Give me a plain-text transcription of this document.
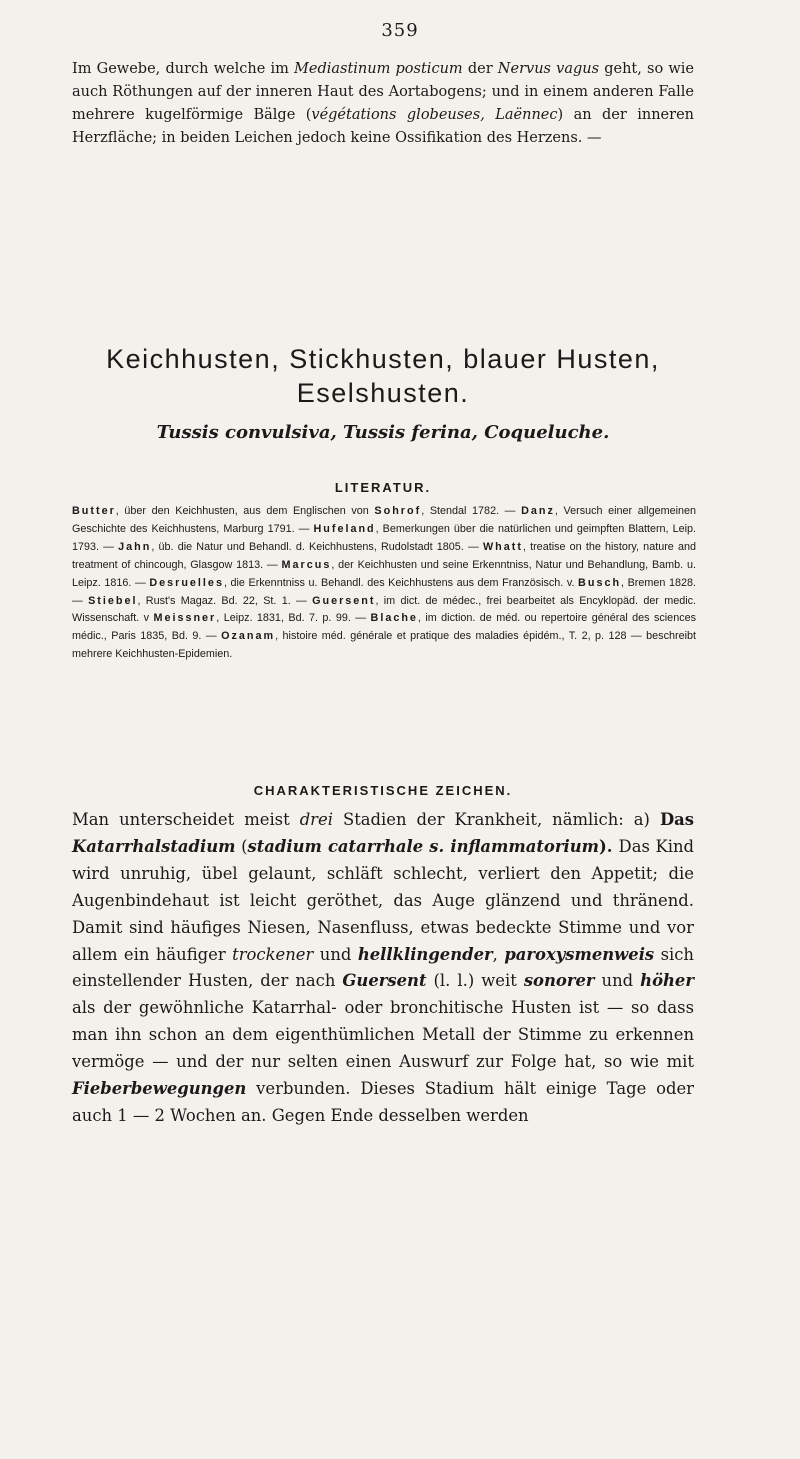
359

Im Gewebe, durch welche im Mediastinum posticum der Nervus vagus geht, so wie auch Röthungen auf der inneren Haut des Aortabogens; und in einem anderen Falle mehrere kugelförmige Bälge (végétations globeuses, Laënnec) an der inneren Herzfläche; in beiden Leichen jedoch keine Ossifikation des Herzens. —

Keichhusten, Stickhusten, blauer Husten,
Eselshusten.

Tussis convulsiva, Tussis ferina, Coqueluche.

LITERATUR.

Butter, über den Keichhusten, aus dem Englischen von Sohrof, Stendal 1782. — Danz, Versuch einer allgemeinen Geschichte des Keichhustens, Marburg 1791. — Hufeland, Bemerkungen über die natürlichen und geimpften Blattern, Leip. 1793. — Jahn, üb. die Natur und Behandl. d. Keichhustens, Rudolstadt 1805. — Whatt, treatise on the history, nature and treatment of chincough, Glasgow 1813. — Marcus, der Keichhusten und seine Erkenntniss, Natur und Behandlung, Bamb. u. Leipz. 1816. — Desruelles, die Erkenntniss u. Behandl. des Keichhustens aus dem Französisch. v. Busch, Bremen 1828. — Stiebel, Rust's Magaz. Bd. 22, St. 1. — Guersent, im dict. de médec., frei bearbeitet als Encyklopäd. der medic. Wissenschaft. v Meissner, Leipz. 1831, Bd. 7. p. 99. — Blache, im diction. de méd. ou repertoire général des sciences médic., Paris 1835, Bd. 9. — Ozanam, histoire méd. générale et pratique des maladies épidém., T. 2, p. 128 — beschreibt mehrere Keichhusten-Epidemien.

CHARAKTERISTISCHE ZEICHEN.

Man unterscheidet meist drei Stadien der Krankheit, nämlich: a) Das Katarrhalstadium (stadium catarrhale s. inflammatorium). Das Kind wird unruhig, übel gelaunt, schläft schlecht, verliert den Appetit; die Augenbindehaut ist leicht geröthet, das Auge glänzend und thränend. Damit sind häufiges Niesen, Nasenfluss, etwas bedeckte Stimme und vor allem ein häufiger trockener und hellklingender, paroxysmenweis sich einstellender Husten, der nach Guersent (l. l.) weit sonorer und höher als der gewöhnliche Katarrhal- oder bronchitische Husten ist — so dass man ihn schon an dem eigenthümlichen Metall der Stimme zu erkennen vermöge — und der nur selten einen Auswurf zur Folge hat, so wie mit Fieberbewegungen verbunden. Dieses Stadium hält einige Tage oder auch 1 — 2 Wochen an. Gegen Ende desselben werden
